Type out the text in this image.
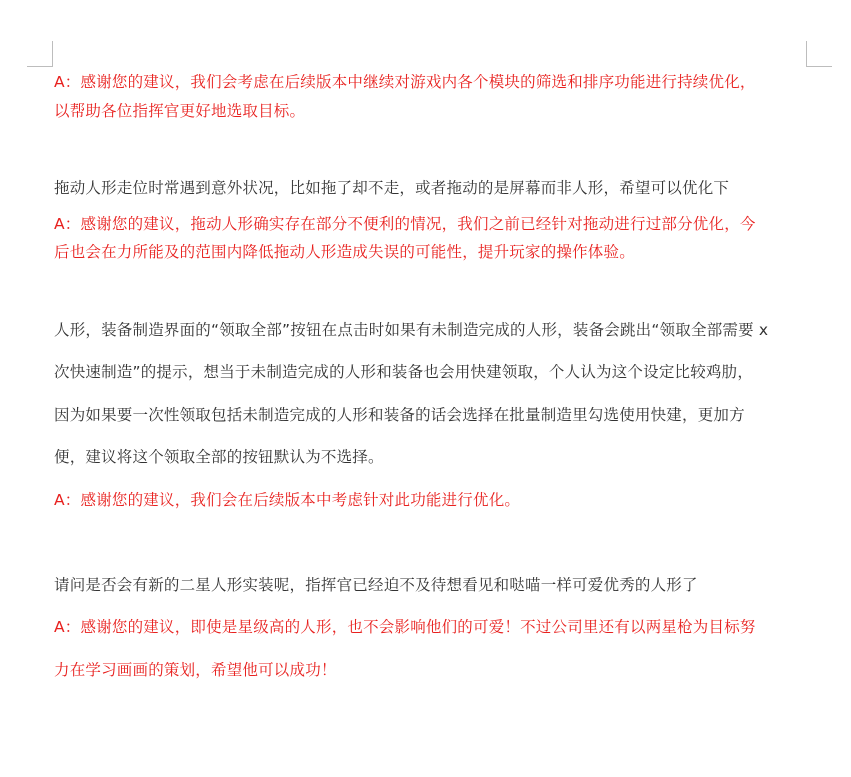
A：感谢您的建议，我们会考虑在后续版本中继续对游戏内各个模块的筛选和排序功能进行持续优化，
以帮助各位指挥官更好地选取目标。
拖动人形走位时常遇到意外状况，比如拖了却不走，或者拖动的是屏幕而非人形，希望可以优化下
A：感谢您的建议，拖动人形确实存在部分不便利的情况，我们之前已经针对拖动进行过部分优化，今
后也会在力所能及的范围内降低拖动人形造成失误的可能性，提升玩家的操作体验。
人形，装备制造界面的“领取全部”按钮在点击时如果有未制造完成的人形，装备会跳出“领取全部需要 x
次快速制造”的提示，想当于未制造完成的人形和装备也会用快建领取，个人认为这个设定比较鸡肋，
因为如果要一次性领取包括未制造完成的人形和装备的话会选择在批量制造里勾选使用快建，更加方
便，建议将这个领取全部的按钮默认为不选择。
A：感谢您的建议，我们会在后续版本中考虑针对此功能进行优化。
请问是否会有新的二星人形实装呢，指挥官已经迫不及待想看见和哒喵一样可爱优秀的人形了
A：感谢您的建议，即使是星级高的人形，也不会影响他们的可爱！不过公司里还有以两星枪为目标努
力在学习画画的策划，希望他可以成功！
